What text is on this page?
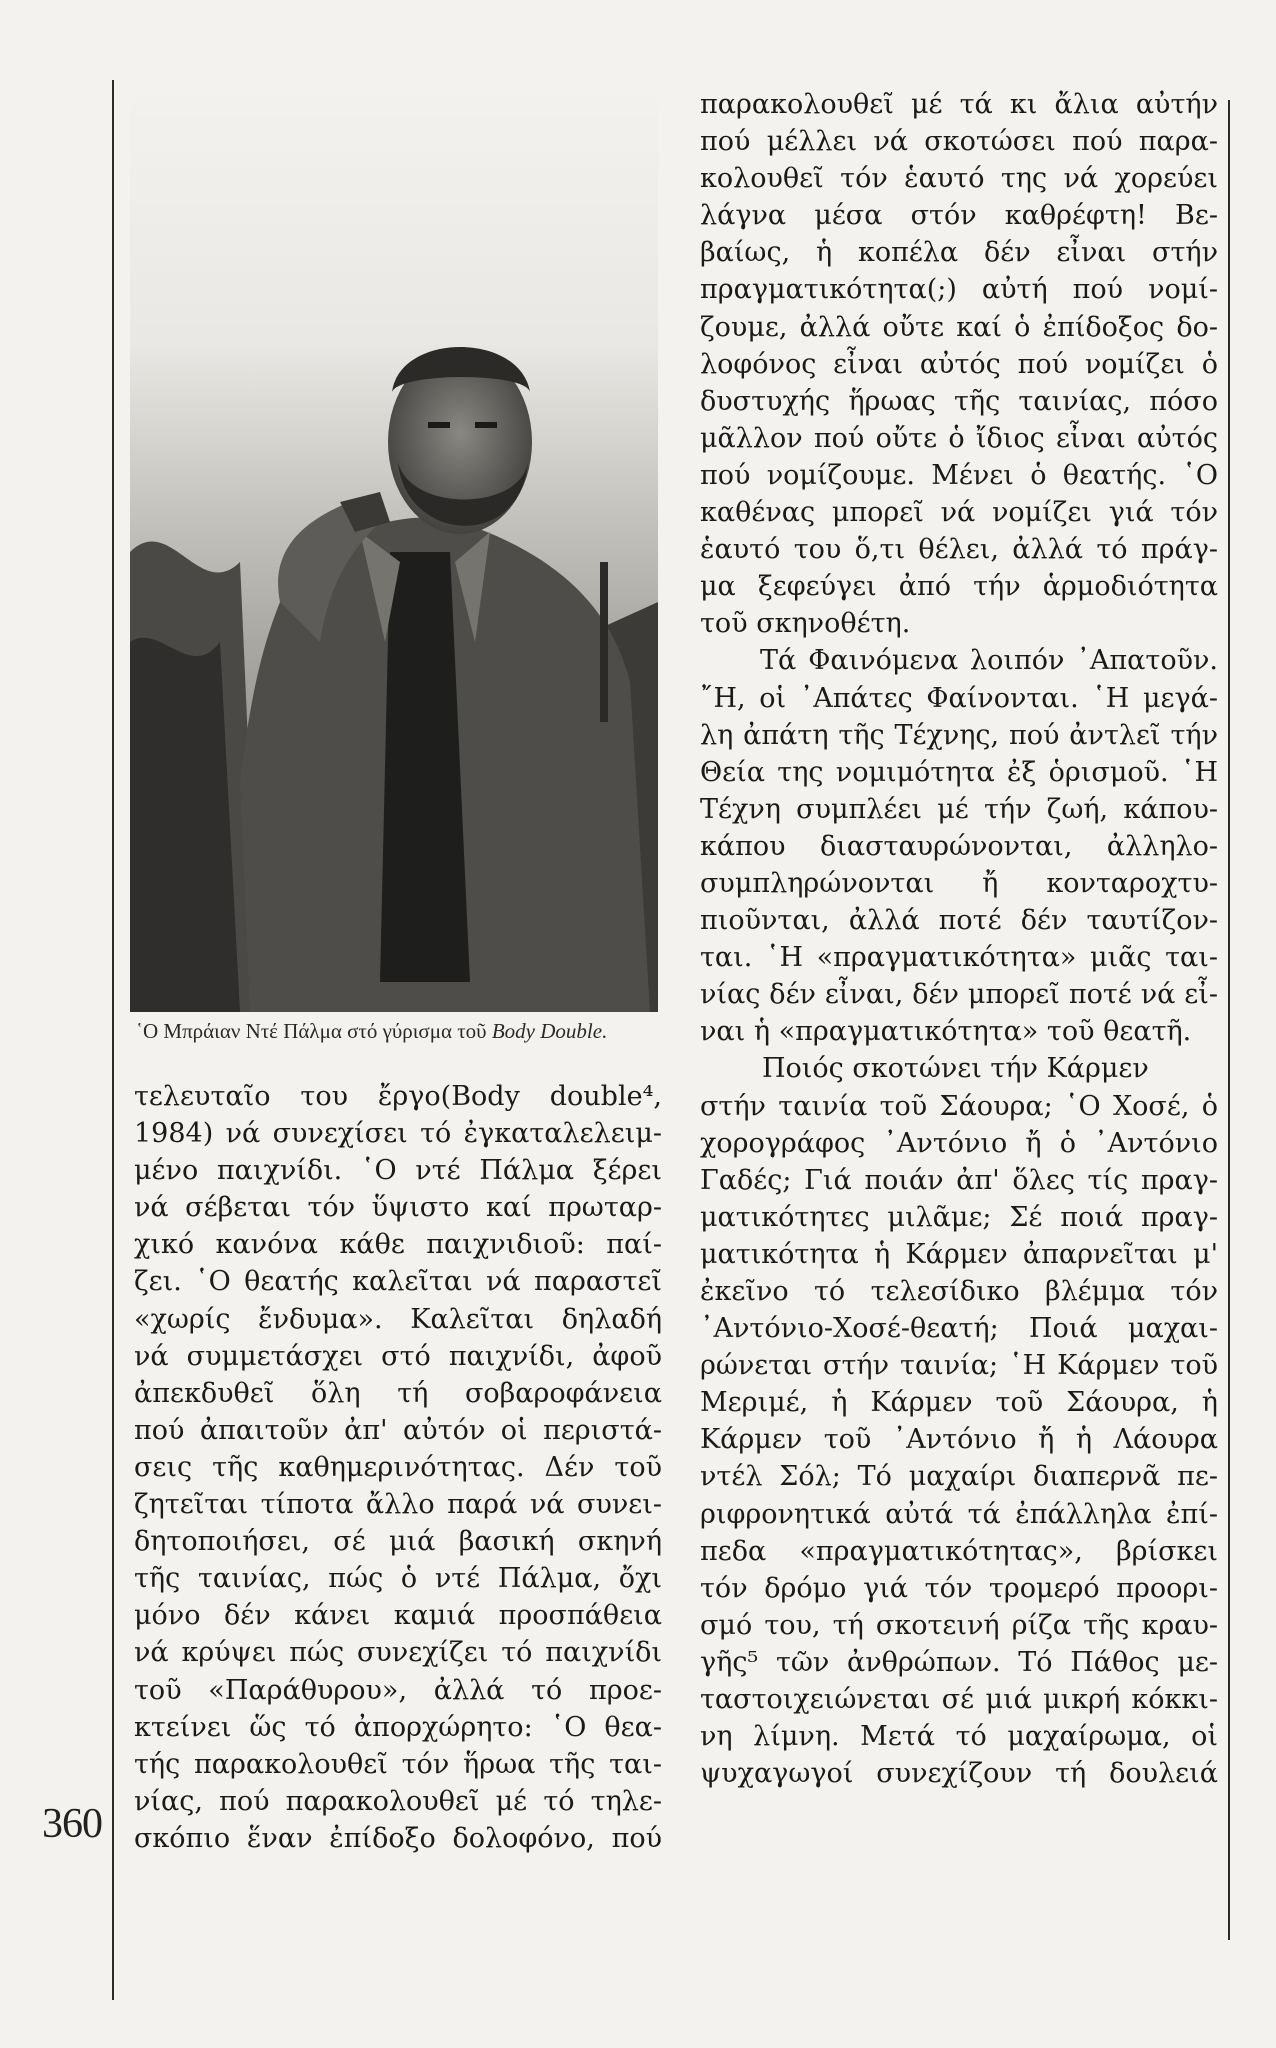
360
῾Ο Μπράιαν Ντέ Πάλμα στό γύρισμα τοῦ Body Double.
τελευταῖο του ἔργο(Body double⁴,
1984) νά συνεχίσει τό ἐγκαταλελειμ-
μένο παιχνίδι. ῾Ο ντέ Πάλμα ξέρει
νά σέβεται τόν ὕψιστο καί πρωταρ-
χικό κανόνα κάθε παιχνιδιοῦ: παί-
ζει. ῾Ο θεατής καλεῖται νά παραστεῖ
«χωρίς ἔνδυμα». Καλεῖται δηλαδή
νά συμμετάσχει στό παιχνίδι, ἀφοῦ
ἀπεκδυθεῖ ὅλη τή σοβαροφάνεια
πού ἀπαιτοῦν ἀπ' αὐτόν οἱ περιστά-
σεις τῆς καθημερινότητας. Δέν τοῦ
ζητεῖται τίποτα ἄλλο παρά νά συνει-
δητοποιήσει, σέ μιά βασική σκηνή
τῆς ταινίας, πώς ὁ ντέ Πάλμα, ὄχι
μόνο δέν κάνει καμιά προσπάθεια
νά κρύψει πώς συνεχίζει τό παιχνίδι
τοῦ «Παράθυρου», ἀλλά τό προε-
κτείνει ὥς τό ἀπορχώρητο: ῾Ο θεα-
τής παρακολουθεῖ τόν ἥρωα τῆς ται-
νίας, πού παρακολουθεῖ μέ τό τηλε-
σκόπιο ἕναν ἐπίδοξο δολοφόνο, πού
παρακολουθεῖ μέ τά κι ἄλια αὐτήν
πού μέλλει νά σκοτώσει πού παρα-
κολουθεῖ τόν ἑαυτό της νά χορεύει
λάγνα μέσα στόν καθρέφτη! Βε-
βαίως, ἡ κοπέλα δέν εἶναι στήν
πραγματικότητα(;) αὐτή πού νομί-
ζουμε, ἀλλά οὔτε καί ὁ ἐπίδοξος δο-
λοφόνος εἶναι αὐτός πού νομίζει ὁ
δυστυχής ἥρωας τῆς ταινίας, πόσο
μᾶλλον πού οὔτε ὁ ἴδιος εἶναι αὐτός
πού νομίζουμε. Μένει ὁ θεατής. ῾Ο
καθένας μπορεῖ νά νομίζει γιά τόν
ἑαυτό του ὅ,τι θέλει, ἀλλά τό πράγ-
μα ξεφεύγει ἀπό τήν ἁρμοδιότητα
τοῦ σκηνοθέτη.
Τά Φαινόμενα λοιπόν ᾿Απατοῦν.
῎Η, οἱ ᾿Απάτες Φαίνονται. ῾Η μεγά-
λη ἀπάτη τῆς Τέχνης, πού ἀντλεῖ τήν
Θεία της νομιμότητα ἐξ ὁρισμοῦ. ῾Η
Τέχνη συμπλέει μέ τήν ζωή, κάπου-
κάπου διασταυρώνονται, ἀλληλο-
συμπληρώνονται ἤ κονταροχτυ-
πιοῦνται, ἀλλά ποτέ δέν ταυτίζον-
ται. ῾Η «πραγματικότητα» μιᾶς ται-
νίας δέν εἶναι, δέν μπορεῖ ποτέ νά εἶ-
ναι ἡ «πραγματικότητα» τοῦ θεατῆ.
Ποιός σκοτώνει τήν Κάρμεν
στήν ταινία τοῦ Σάουρα; ῾Ο Χοσέ, ὁ
χορογράφος ᾿Αντόνιο ἤ ὁ ᾿Αντόνιο
Γαδές; Γιά ποιάν ἀπ' ὅλες τίς πραγ-
ματικότητες μιλᾶμε; Σέ ποιά πραγ-
ματικότητα ἡ Κάρμεν ἀπαρνεῖται μ'
ἐκεῖνο τό τελεσίδικο βλέμμα τόν
᾿Αντόνιο-Χοσέ-θεατή; Ποιά μαχαι-
ρώνεται στήν ταινία; ῾Η Κάρμεν τοῦ
Μεριμέ, ἡ Κάρμεν τοῦ Σάουρα, ἡ
Κάρμεν τοῦ ᾿Αντόνιο ἤ ἡ Λάουρα
ντέλ Σόλ; Τό μαχαίρι διαπερνᾶ πε-
ριφρονητικά αὐτά τά ἐπάλληλα ἐπί-
πεδα «πραγματικότητας», βρίσκει
τόν δρόμο γιά τόν τρομερό προορι-
σμό του, τή σκοτεινή ρίζα τῆς κραυ-
γῆς⁵ τῶν ἀνθρώπων. Τό Πάθος με-
ταστοιχειώνεται σέ μιά μικρή κόκκι-
νη λίμνη. Μετά τό μαχαίρωμα, οἱ
ψυχαγωγοί συνεχίζουν τή δουλειά
